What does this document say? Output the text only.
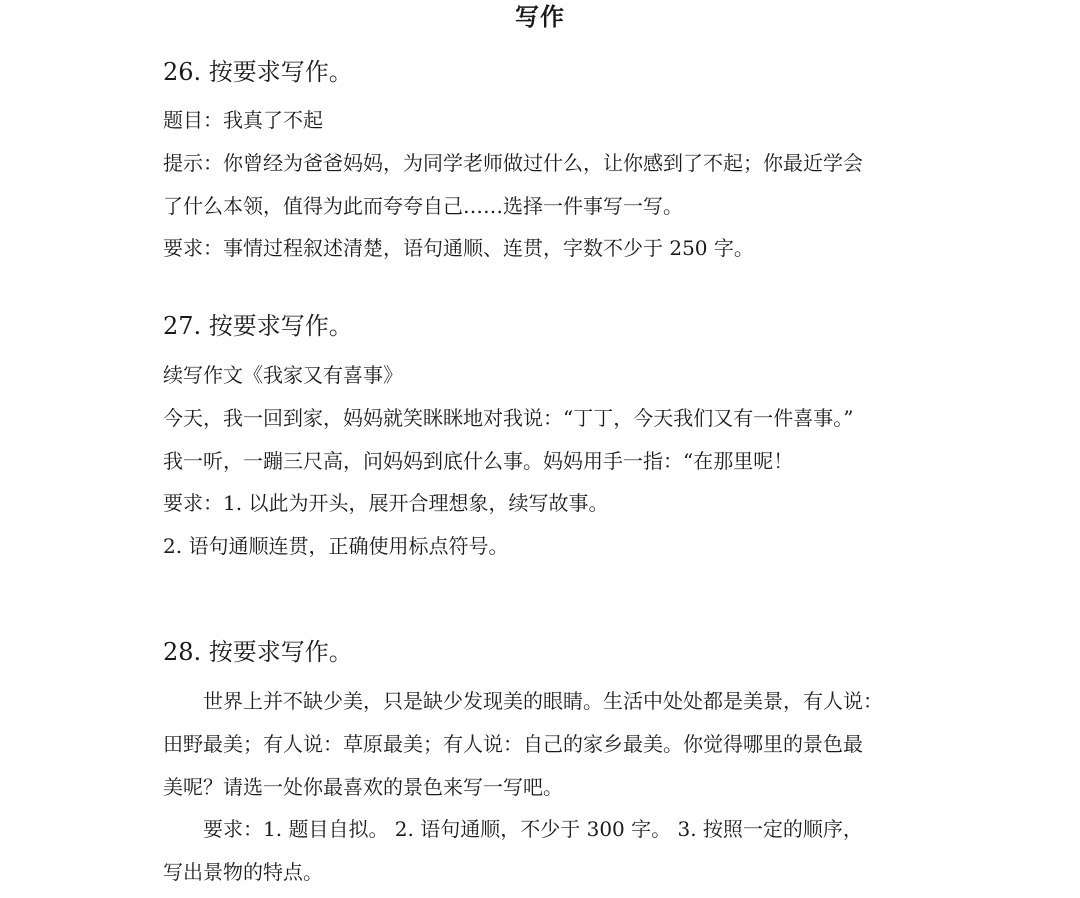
写作
26. 按要求写作。
题目：我真了不起
提示：你曾经为爸爸妈妈，为同学老师做过什么，让你感到了不起；你最近学会
了什么本领，值得为此而夸夸自己……选择一件事写一写。
要求：事情过程叙述清楚，语句通顺、连贯，字数不少于 250 字。
27. 按要求写作。
续写作文《我家又有喜事》
今天，我一回到家，妈妈就笑眯眯地对我说：“丁丁，今天我们又有一件喜事。”
我一听，一蹦三尺高，问妈妈到底什么事。妈妈用手一指：“在那里呢！
要求：1. 以此为开头，展开合理想象，续写故事。
2. 语句通顺连贯，正确使用标点符号。
28. 按要求写作。
世界上并不缺少美，只是缺少发现美的眼睛。生活中处处都是美景，有人说：
田野最美；有人说：草原最美；有人说：自己的家乡最美。你觉得哪里的景色最
美呢？请选一处你最喜欢的景色来写一写吧。
要求：1. 题目自拟。 2. 语句通顺，不少于 300 字。 3. 按照一定的顺序，
写出景物的特点。
